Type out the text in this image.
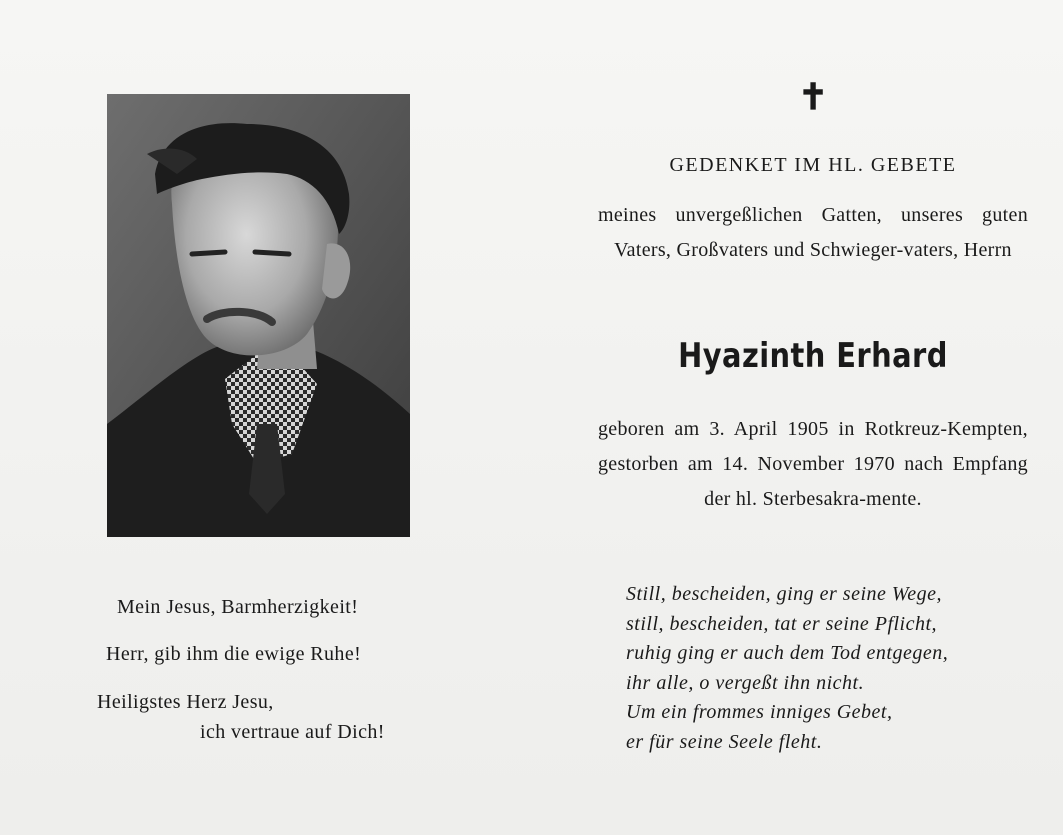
Mein Jesus, Barmherzigkeit!
Herr, gib ihm die ewige Ruhe!
Heiligstes Herz Jesu,
ich vertraue auf Dich!
✝
GEDENKET IM HL. GEBETE
meines unvergeßlichen Gatten, unseres guten Vaters, Großvaters und Schwieger-vaters, Herrn
Hyazinth Erhard
geboren am 3. April 1905 in Rotkreuz-Kempten, gestorben am 14. November 1970 nach Empfang der hl. Sterbesakra-mente.
Still, bescheiden, ging er seine Wege,
still, bescheiden, tat er seine Pflicht,
ruhig ging er auch dem Tod entgegen,
ihr alle, o vergeßt ihn nicht.
Um ein frommes inniges Gebet,
er für seine Seele fleht.
